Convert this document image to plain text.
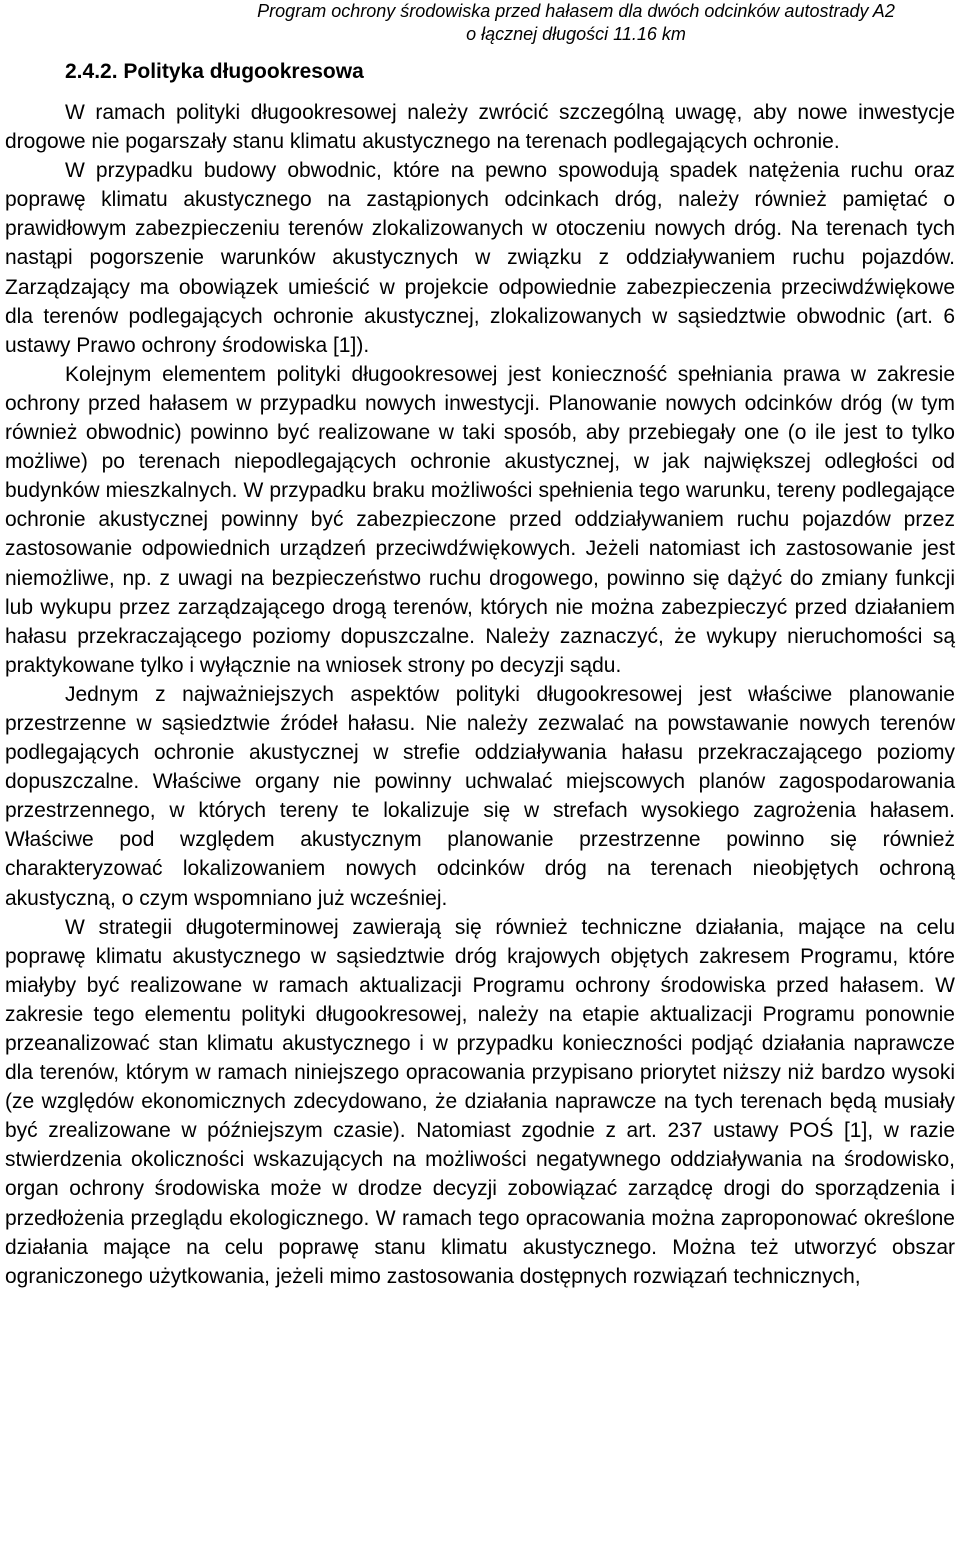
Program ochrony środowiska przed hałasem dla dwóch odcinków autostrady A2
o łącznej długości 11.16 km
2.4.2. Polityka długookresowa

W ramach polityki długookresowej należy zwrócić szczególną uwagę, aby nowe inwestycje drogowe nie pogarszały stanu klimatu akustycznego na terenach podlegających ochronie.

W przypadku budowy obwodnic, które na pewno spowodują spadek natężenia ruchu oraz poprawę klimatu akustycznego na zastąpionych odcinkach dróg, należy również pamiętać o prawidłowym zabezpieczeniu terenów zlokalizowanych w otoczeniu nowych dróg. Na terenach tych nastąpi pogorszenie warunków akustycznych w związku z oddziaływaniem ruchu pojazdów. Zarządzający ma obowiązek umieścić w projekcie odpowiednie zabezpieczenia przeciwdźwiękowe dla terenów podlegających ochronie akustycznej, zlokalizowanych w sąsiedztwie obwodnic (art. 6 ustawy Prawo ochrony środowiska [1]).

Kolejnym elementem polityki długookresowej jest konieczność spełniania prawa w zakresie ochrony przed hałasem w przypadku nowych inwestycji. Planowanie nowych odcinków dróg (w tym również obwodnic) powinno być realizowane w taki sposób, aby przebiegały one (o ile jest to tylko możliwe) po terenach niepodlegających ochronie akustycznej, w jak największej odległości od budynków mieszkalnych. W przypadku braku możliwości spełnienia tego warunku, tereny podlegające ochronie akustycznej powinny być zabezpieczone przed oddziaływaniem ruchu pojazdów przez zastosowanie odpowiednich urządzeń przeciwdźwiękowych. Jeżeli natomiast ich zastosowanie jest niemożliwe, np. z uwagi na bezpieczeństwo ruchu drogowego, powinno się dążyć do zmiany funkcji lub wykupu przez zarządzającego drogą terenów, których nie można zabezpieczyć przed działaniem hałasu przekraczającego poziomy dopuszczalne. Należy zaznaczyć, że wykupy nieruchomości są praktykowane tylko i wyłącznie na wniosek strony po decyzji sądu.

Jednym z najważniejszych aspektów polityki długookresowej jest właściwe planowanie przestrzenne w sąsiedztwie źródeł hałasu. Nie należy zezwalać na powstawanie nowych terenów podlegających ochronie akustycznej w strefie oddziaływania hałasu przekraczającego poziomy dopuszczalne. Właściwe organy nie powinny uchwalać miejscowych planów zagospodarowania przestrzennego, w których tereny te lokalizuje się w strefach wysokiego zagrożenia hałasem. Właściwe pod względem akustycznym planowanie przestrzenne powinno się również charakteryzować lokalizowaniem nowych odcinków dróg na terenach nieobjętych ochroną akustyczną, o czym wspomniano już wcześniej.

W strategii długoterminowej zawierają się również techniczne działania, mające na celu poprawę klimatu akustycznego w sąsiedztwie dróg krajowych objętych zakresem Programu, które miałyby być realizowane w ramach aktualizacji Programu ochrony środowiska przed hałasem. W zakresie tego elementu polityki długookresowej, należy na etapie aktualizacji Programu ponownie przeanalizować stan klimatu akustycznego i w przypadku konieczności podjąć działania naprawcze dla terenów, którym w ramach niniejszego opracowania przypisano priorytet niższy niż bardzo wysoki (ze względów ekonomicznych zdecydowano, że działania naprawcze na tych terenach będą musiały być zrealizowane w późniejszym czasie). Natomiast zgodnie z art. 237 ustawy POŚ [1], w razie stwierdzenia okoliczności wskazujących na możliwości negatywnego oddziaływania na środowisko, organ ochrony środowiska może w drodze decyzji zobowiązać zarządcę drogi do sporządzenia i przedłożenia przeglądu ekologicznego. W ramach tego opracowania można zaproponować określone działania mające na celu poprawę stanu klimatu akustycznego. Można też utworzyć obszar ograniczonego użytkowania, jeżeli mimo zastosowania dostępnych rozwiązań technicznych,
